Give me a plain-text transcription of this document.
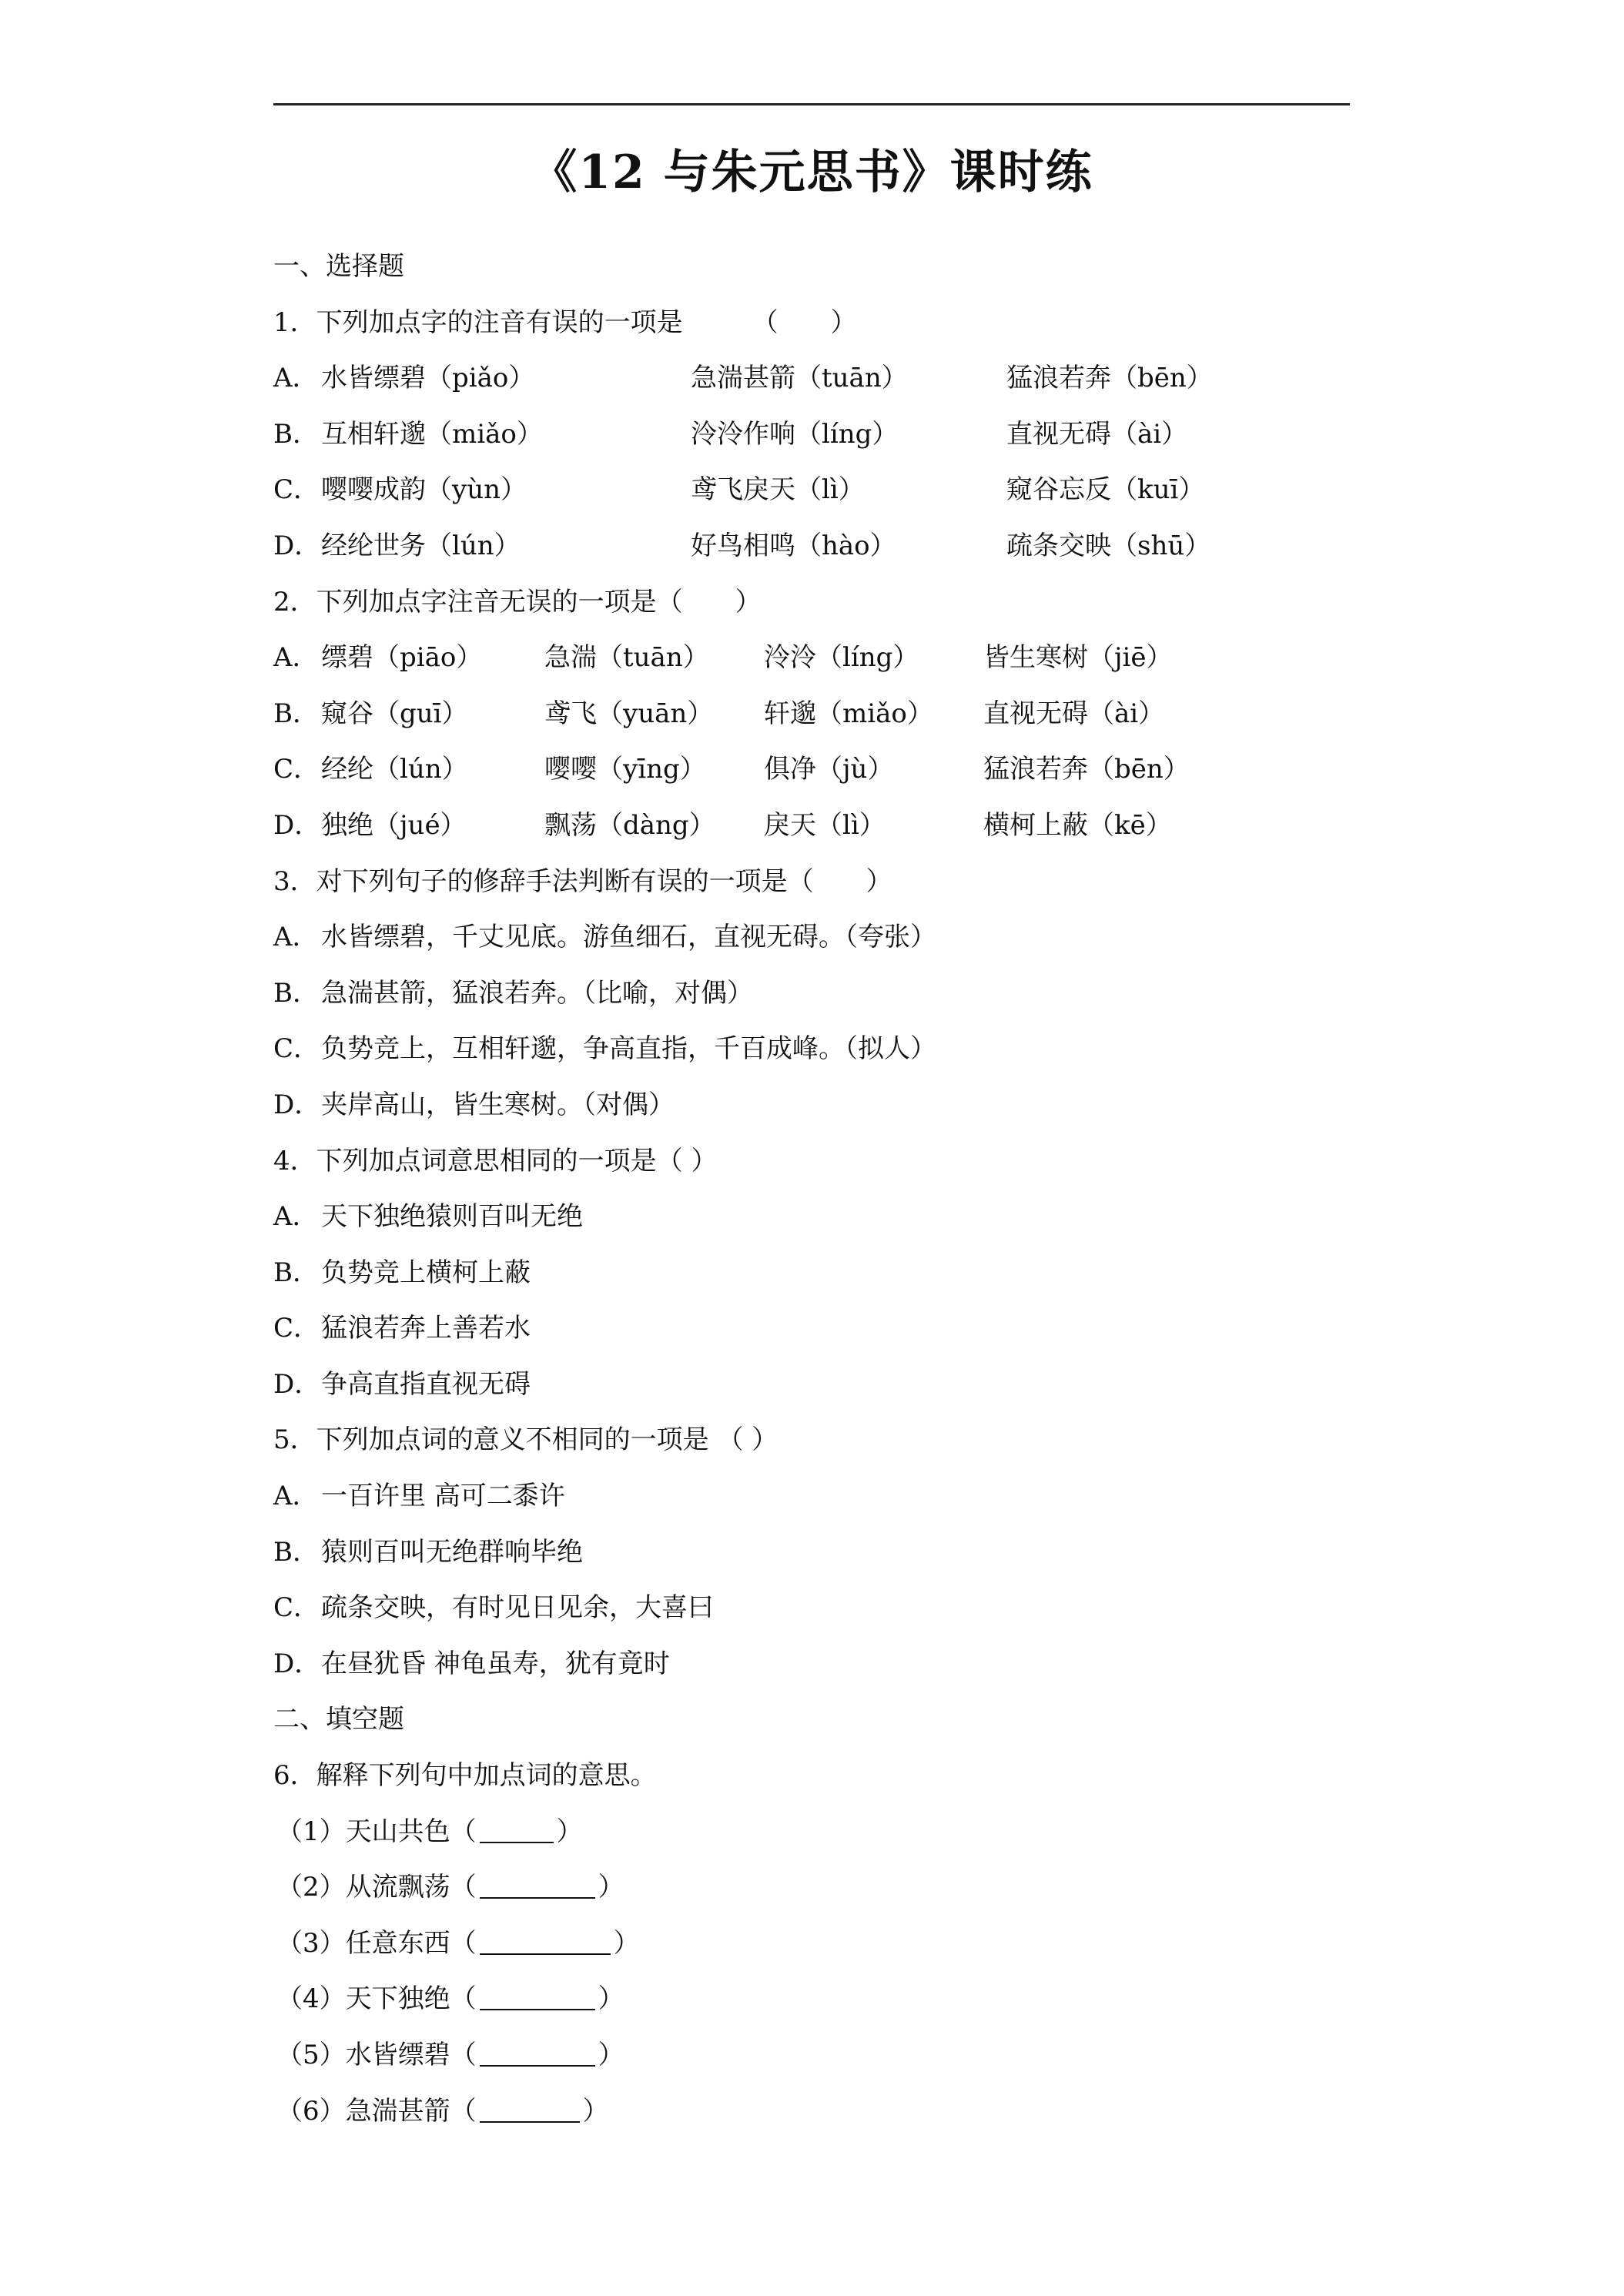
《12 与朱元思书》课时练
一、选择题
1．下列加点字的注音有误的一项是	（　　）
A． 水皆缥碧（piǎo）	急湍甚箭（tuān）	猛浪若奔（bēn）
B． 互相轩邈（miǎo）	泠泠作响（líng）	直视无碍（ài）
C． 嘤嘤成韵（yùn）	鸢飞戾天（lì）	窥谷忘反（kuī）
D． 经纶世务（lún）	好鸟相鸣（hào）	疏条交映（shū）
2．下列加点字注音无误的一项是（　　）
A． 缥碧（piāo）	急湍（tuān）	泠泠（líng）	皆生寒树（jiē）
B． 窥谷（guī）	鸢飞（yuān）	轩邈（miǎo）	直视无碍（ài）
C． 经纶（lún）	嘤嘤（yīng）	俱净（jù）	猛浪若奔（bēn）
D． 独绝（jué）	飘荡（dàng）	戾天（lì）	横柯上蔽（kē）
3．对下列句子的修辞手法判断有误的一项是（　　）
A． 水皆缥碧，千丈见底。游鱼细石，直视无碍。（夸张）
B．急湍甚箭，猛浪若奔。（比喻，对偶）
C．负势竞上，互相轩邈，争高直指，千百成峰。（拟人）
D．夹岸高山，皆生寒树。（对偶）
4．下列加点词意思相同的一项是（ ）
A． 天下独绝猿则百叫无绝
B．负势竞上横柯上蔽
C．猛浪若奔上善若水
D．争高直指直视无碍
5．下列加点词的意义不相同的一项是 （ ）
A． 一百许里 高可二黍许
B．猿则百叫无绝群响毕绝
C．疏条交映，有时见日见余，大喜曰
D．在昼犹昏 神龟虽寿，犹有竟时
二、填空题
6．解释下列句中加点词的意思。
（1）天山共色（	）
（2）从流飘荡（	）
（3）任意东西（	）
（4）天下独绝（	）
（5）水皆缥碧（	）
（6）急湍甚箭（	）
